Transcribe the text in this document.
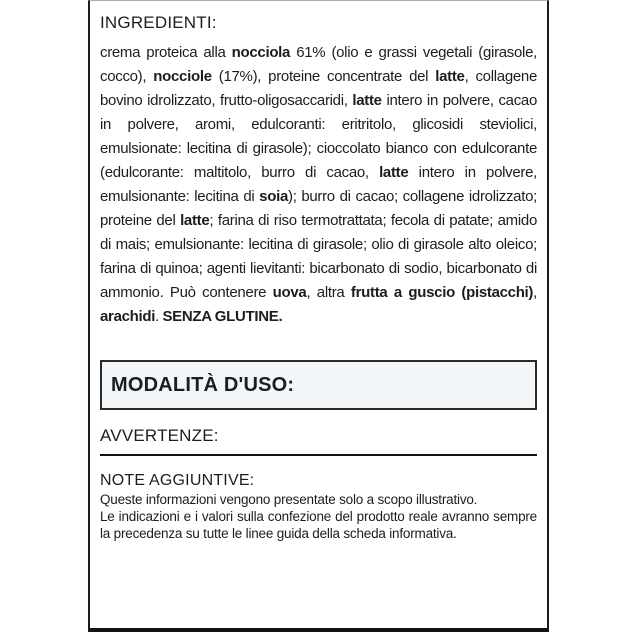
INGREDIENTI:
crema proteica alla nocciola 61% (olio e grassi vegetali (girasole, cocco), nocciole (17%), proteine concentrate del latte, collagene bovino idrolizzato, frutto-oligosaccaridi, latte intero in polvere, cacao in polvere, aromi, edulcoranti: eritritolo, glicosidi steviolici, emulsionate: lecitina di girasole); cioccolato bianco con edulcorante (edulcorante: maltitolo, burro di cacao, latte intero in polvere, emulsionante: lecitina di soia); burro di cacao; collagene idrolizzato; proteine del latte; farina di riso termotrattata; fecola di patate; amido di mais; emulsionante: lecitina di girasole; olio di girasole alto oleico; farina di quinoa; agenti lievitanti: bicarbonato di sodio, bicarbonato di ammonio. Può contenere uova, altra frutta a guscio (pistacchi), arachidi. SENZA GLUTINE.
MODALITÀ D'USO:
AVVERTENZE:
NOTE AGGIUNTIVE:
Queste informazioni vengono presentate solo a scopo illustrativo.
Le indicazioni e i valori sulla confezione del prodotto reale avranno sempre la precedenza su tutte le linee guida della scheda informativa.
